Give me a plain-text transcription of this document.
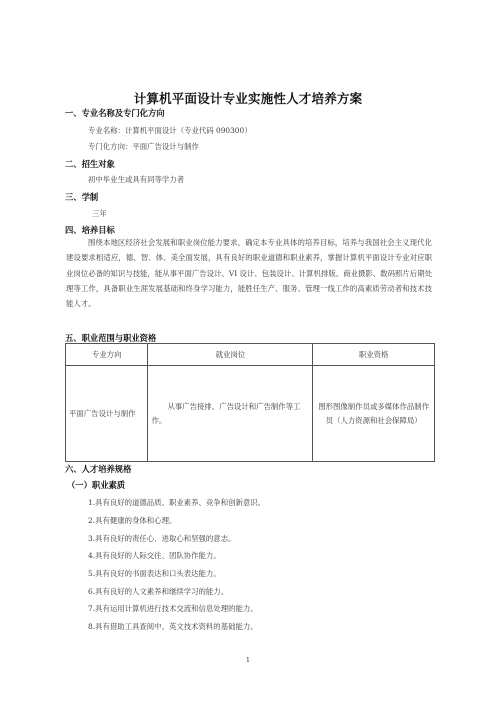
计算机平面设计专业实施性人才培养方案
一、专业名称及专门化方向
专业名称：计算机平面设计（专业代码 090300）
专门化方向：平面广告设计与制作
二、招生对象
初中毕业生或具有同等学力者
三、学制
三年
四、培养目标
围绕本地区经济社会发展和职业岗位能力要求，确定本专业具体的培养目标，培养与我国社会主义现代化建设要求相适应，德、智、体、美全面发展，具有良好的职业道德和职业素养，掌握计算机平面设计专业对应职业岗位必备的知识与技能，能从事平面广告设计、VI 设计、包装设计、计算机排版、商业摄影、数码照片后期处理等工作，具备职业生涯发展基础和终身学习能力，能胜任生产、服务、管理一线工作的高素质劳动者和技术技能人才。
五、职业范围与职业资格
专业方向	就业岗位	职业资格
平面广告设计与制作	从事广告接排、广告设计和广告制作等工作。	图形图像制作员或多媒体作品制作员（人力资源和社会保障局）
六、人才培养规格
（一）职业素质
1.具有良好的道德品质、职业素养、竞争和创新意识。
2.具有健康的身体和心理。
3.具有良好的责任心、进取心和坚强的意志。
4.具有良好的人际交往、团队协作能力。
5.具有良好的书面表达和口头表达能力。
6.具有良好的人文素养和继续学习的能力。
7.具有运用计算机进行技术交流和信息处理的能力。
8.具有借助工具查阅中、英文技术资料的基础能力。
1
